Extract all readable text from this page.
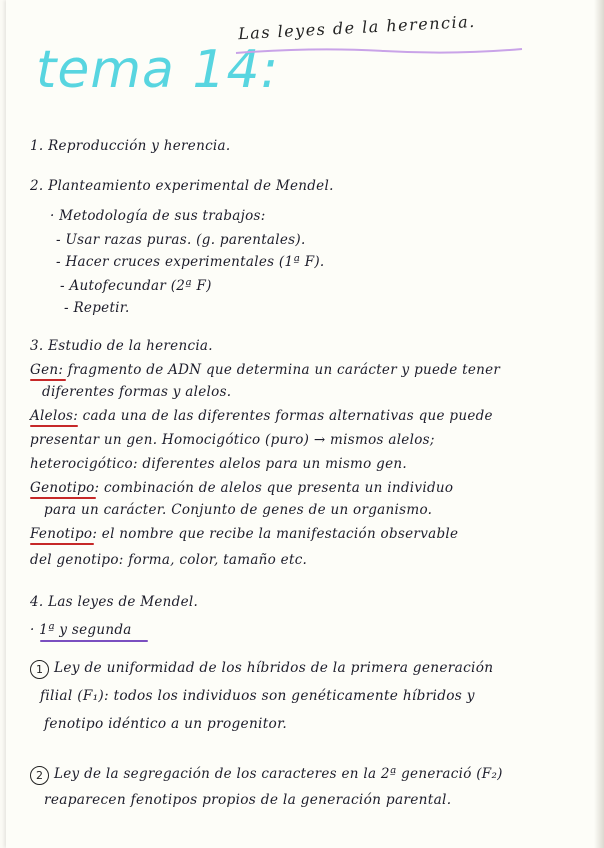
tema 14:
Las leyes de la herencia.
1. Reproducción y herencia.
2. Planteamiento experimental de Mendel.
· Metodología de sus trabajos:
- Usar razas puras. (g. parentales).
- Hacer cruces experimentales (1ª F).
- Autofecundar (2ª F)
- Repetir.
3. Estudio de la herencia.
Gen: fragmento de ADN que determina un carácter y puede tener
diferentes formas y alelos.
Alelos: cada una de las diferentes formas alternativas que puede
presentar un gen. Homocigótico (puro) → mismos alelos;
heterocigótico: diferentes alelos para un mismo gen.
Genotipo: combinación de alelos que presenta un individuo
para un carácter. Conjunto de genes de un organismo.
Fenotipo: el nombre que recibe la manifestación observable
del genotipo: forma, color, tamaño etc.
4. Las leyes de Mendel.
· 1ª y segunda
1 Ley de uniformidad de los híbridos de la primera generación
filial (F₁): todos los individuos son genéticamente híbridos y
fenotipo idéntico a un progenitor.
2 Ley de la segregación de los caracteres en la 2ª generació (F₂)
reaparecen fenotipos propios de la generación parental.
